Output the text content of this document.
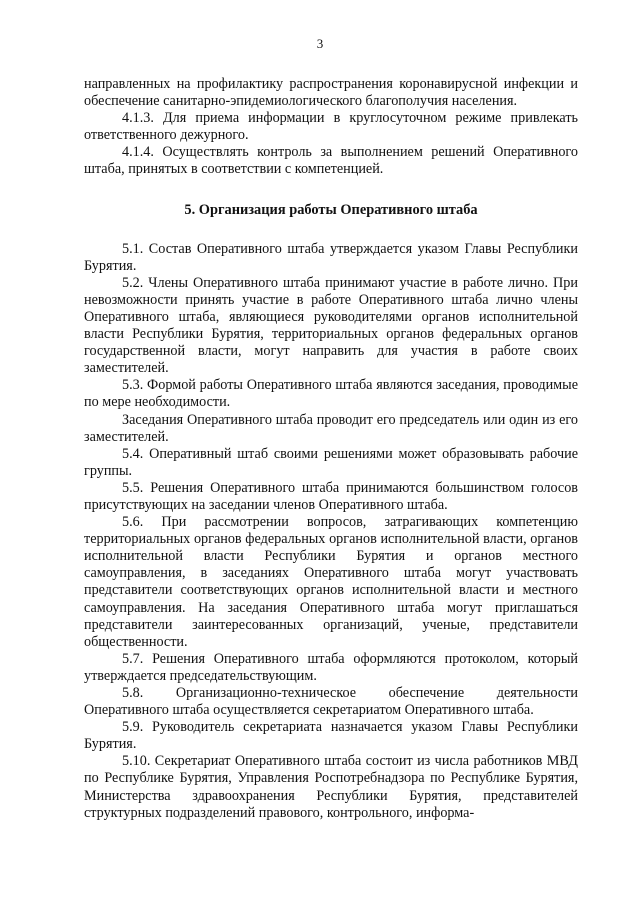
3

направленных на профилактику распространения коронавирусной инфекции и обеспечение санитарно-эпидемиологического благополучия населения.

4.1.3. Для приема информации в круглосуточном режиме привлекать ответственного дежурного.

4.1.4. Осуществлять контроль за выполнением решений Оперативного штаба, принятых в соответствии с компетенцией.

5. Организация работы Оперативного штаба

5.1. Состав Оперативного штаба утверждается указом Главы Республики Бурятия.

5.2. Члены Оперативного штаба принимают участие в работе лично. При невозможности принять участие в работе Оперативного штаба лично члены Оперативного штаба, являющиеся руководителями органов исполнительной власти Республики Бурятия, территориальных органов федеральных органов государственной власти, могут направить для участия в работе своих заместителей.

5.3. Формой работы Оперативного штаба являются заседания, проводимые по мере необходимости.

Заседания Оперативного штаба проводит его председатель или один из его заместителей.

5.4. Оперативный штаб своими решениями может образовывать рабочие группы.

5.5. Решения Оперативного штаба принимаются большинством голосов присутствующих на заседании членов Оперативного штаба.

5.6. При рассмотрении вопросов, затрагивающих компетенцию территориальных органов федеральных органов исполнительной власти, органов исполнительной власти Республики Бурятия и органов местного самоуправления, в заседаниях Оперативного штаба могут участвовать представители соответствующих органов исполнительной власти и местного самоуправления. На заседания Оперативного штаба могут приглашаться представители заинтересованных организаций, ученые, представители общественности.

5.7. Решения Оперативного штаба оформляются протоколом, который утверждается председательствующим.

5.8. Организационно-техническое обеспечение деятельности Оперативного штаба осуществляется секретариатом Оперативного штаба.

5.9. Руководитель секретариата назначается указом Главы Республики Бурятия.

5.10. Секретариат Оперативного штаба состоит из числа работников МВД по Республике Бурятия, Управления Роспотребнадзора по Республике Бурятия, Министерства здравоохранения Республики Бурятия, представителей структурных подразделений правового, контрольного, информа-
